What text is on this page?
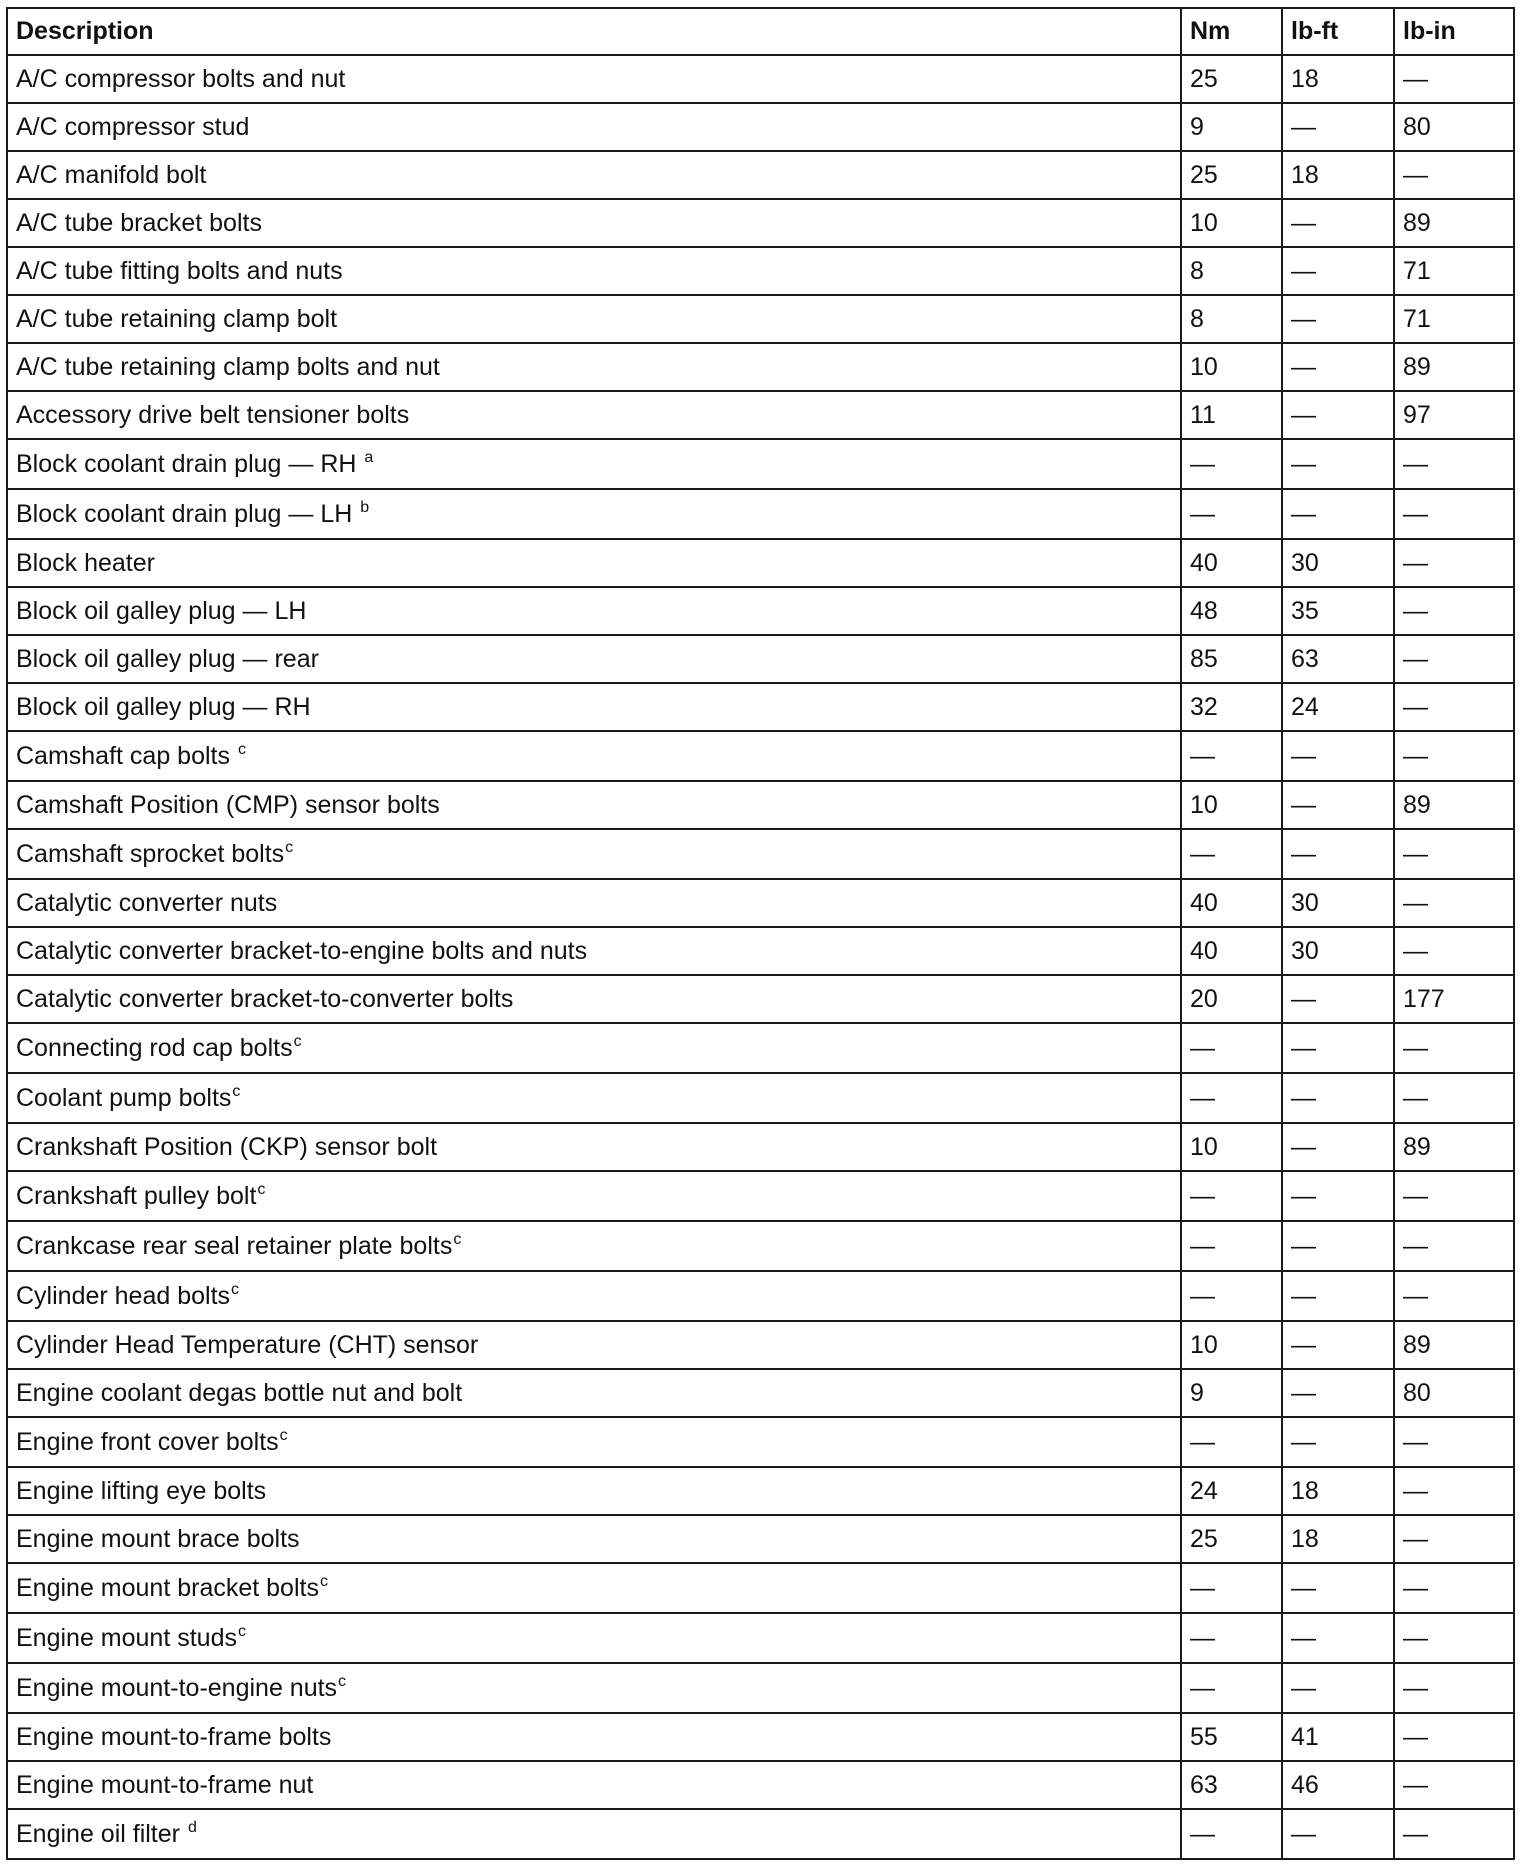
Description	Nm	lb-ft	lb-in
A/C compressor bolts and nut	25	18	—
A/C compressor stud	9	—	80
A/C manifold bolt	25	18	—
A/C tube bracket bolts	10	—	89
A/C tube fitting bolts and nuts	8	—	71
A/C tube retaining clamp bolt	8	—	71
A/C tube retaining clamp bolts and nut	10	—	89
Accessory drive belt tensioner bolts	11	—	97
Block coolant drain plug — RH $^a$	—	—	—
Block coolant drain plug — LH $^b$	—	—	—
Block heater	40	30	—
Block oil galley plug — LH	48	35	—
Block oil galley plug — rear	85	63	—
Block oil galley plug — RH	32	24	—
Camshaft cap bolts $^c$	—	—	—
Camshaft Position (CMP) sensor bolts	10	—	89
Camshaft sprocket bolts$^c$	—	—	—
Catalytic converter nuts	40	30	—
Catalytic converter bracket-to-engine bolts and nuts	40	30	—
Catalytic converter bracket-to-converter bolts	20	—	177
Connecting rod cap bolts$^c$	—	—	—
Coolant pump bolts$^c$	—	—	—
Crankshaft Position (CKP) sensor bolt	10	—	89
Crankshaft pulley bolt$^c$	—	—	—
Crankcase rear seal retainer plate bolts$^c$	—	—	—
Cylinder head bolts$^c$	—	—	—
Cylinder Head Temperature (CHT) sensor	10	—	89
Engine coolant degas bottle nut and bolt	9	—	80
Engine front cover bolts$^c$	—	—	—
Engine lifting eye bolts	24	18	—
Engine mount brace bolts	25	18	—
Engine mount bracket bolts$^c$	—	—	—
Engine mount studs$^c$	—	—	—
Engine mount-to-engine nuts$^c$	—	—	—
Engine mount-to-frame bolts	55	41	—
Engine mount-to-frame nut	63	46	—
Engine oil filter $^d$	—	—	—
